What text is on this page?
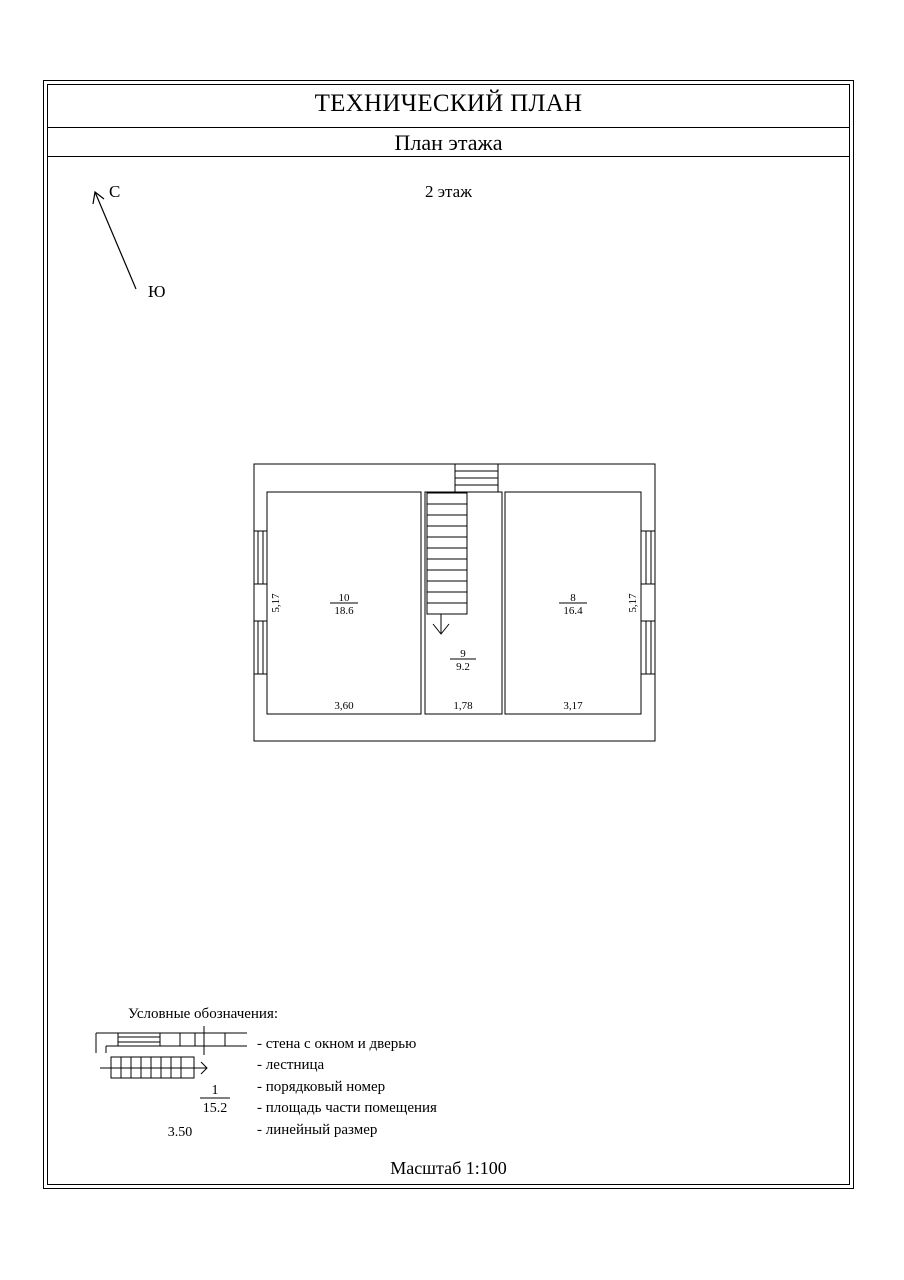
ТЕХНИЧЕСКИЙ ПЛАН
План этажа
2 этаж
С
Ю
10
18.6
3,60
5,17
9
9.2
1,78
8
16.4
3,17
5,17
1
15.2
3.50
Условные обозначения:
- стена с окном и дверью
- лестница
- порядковый номер
- площадь части помещения
- линейный размер
Масштаб 1:100
